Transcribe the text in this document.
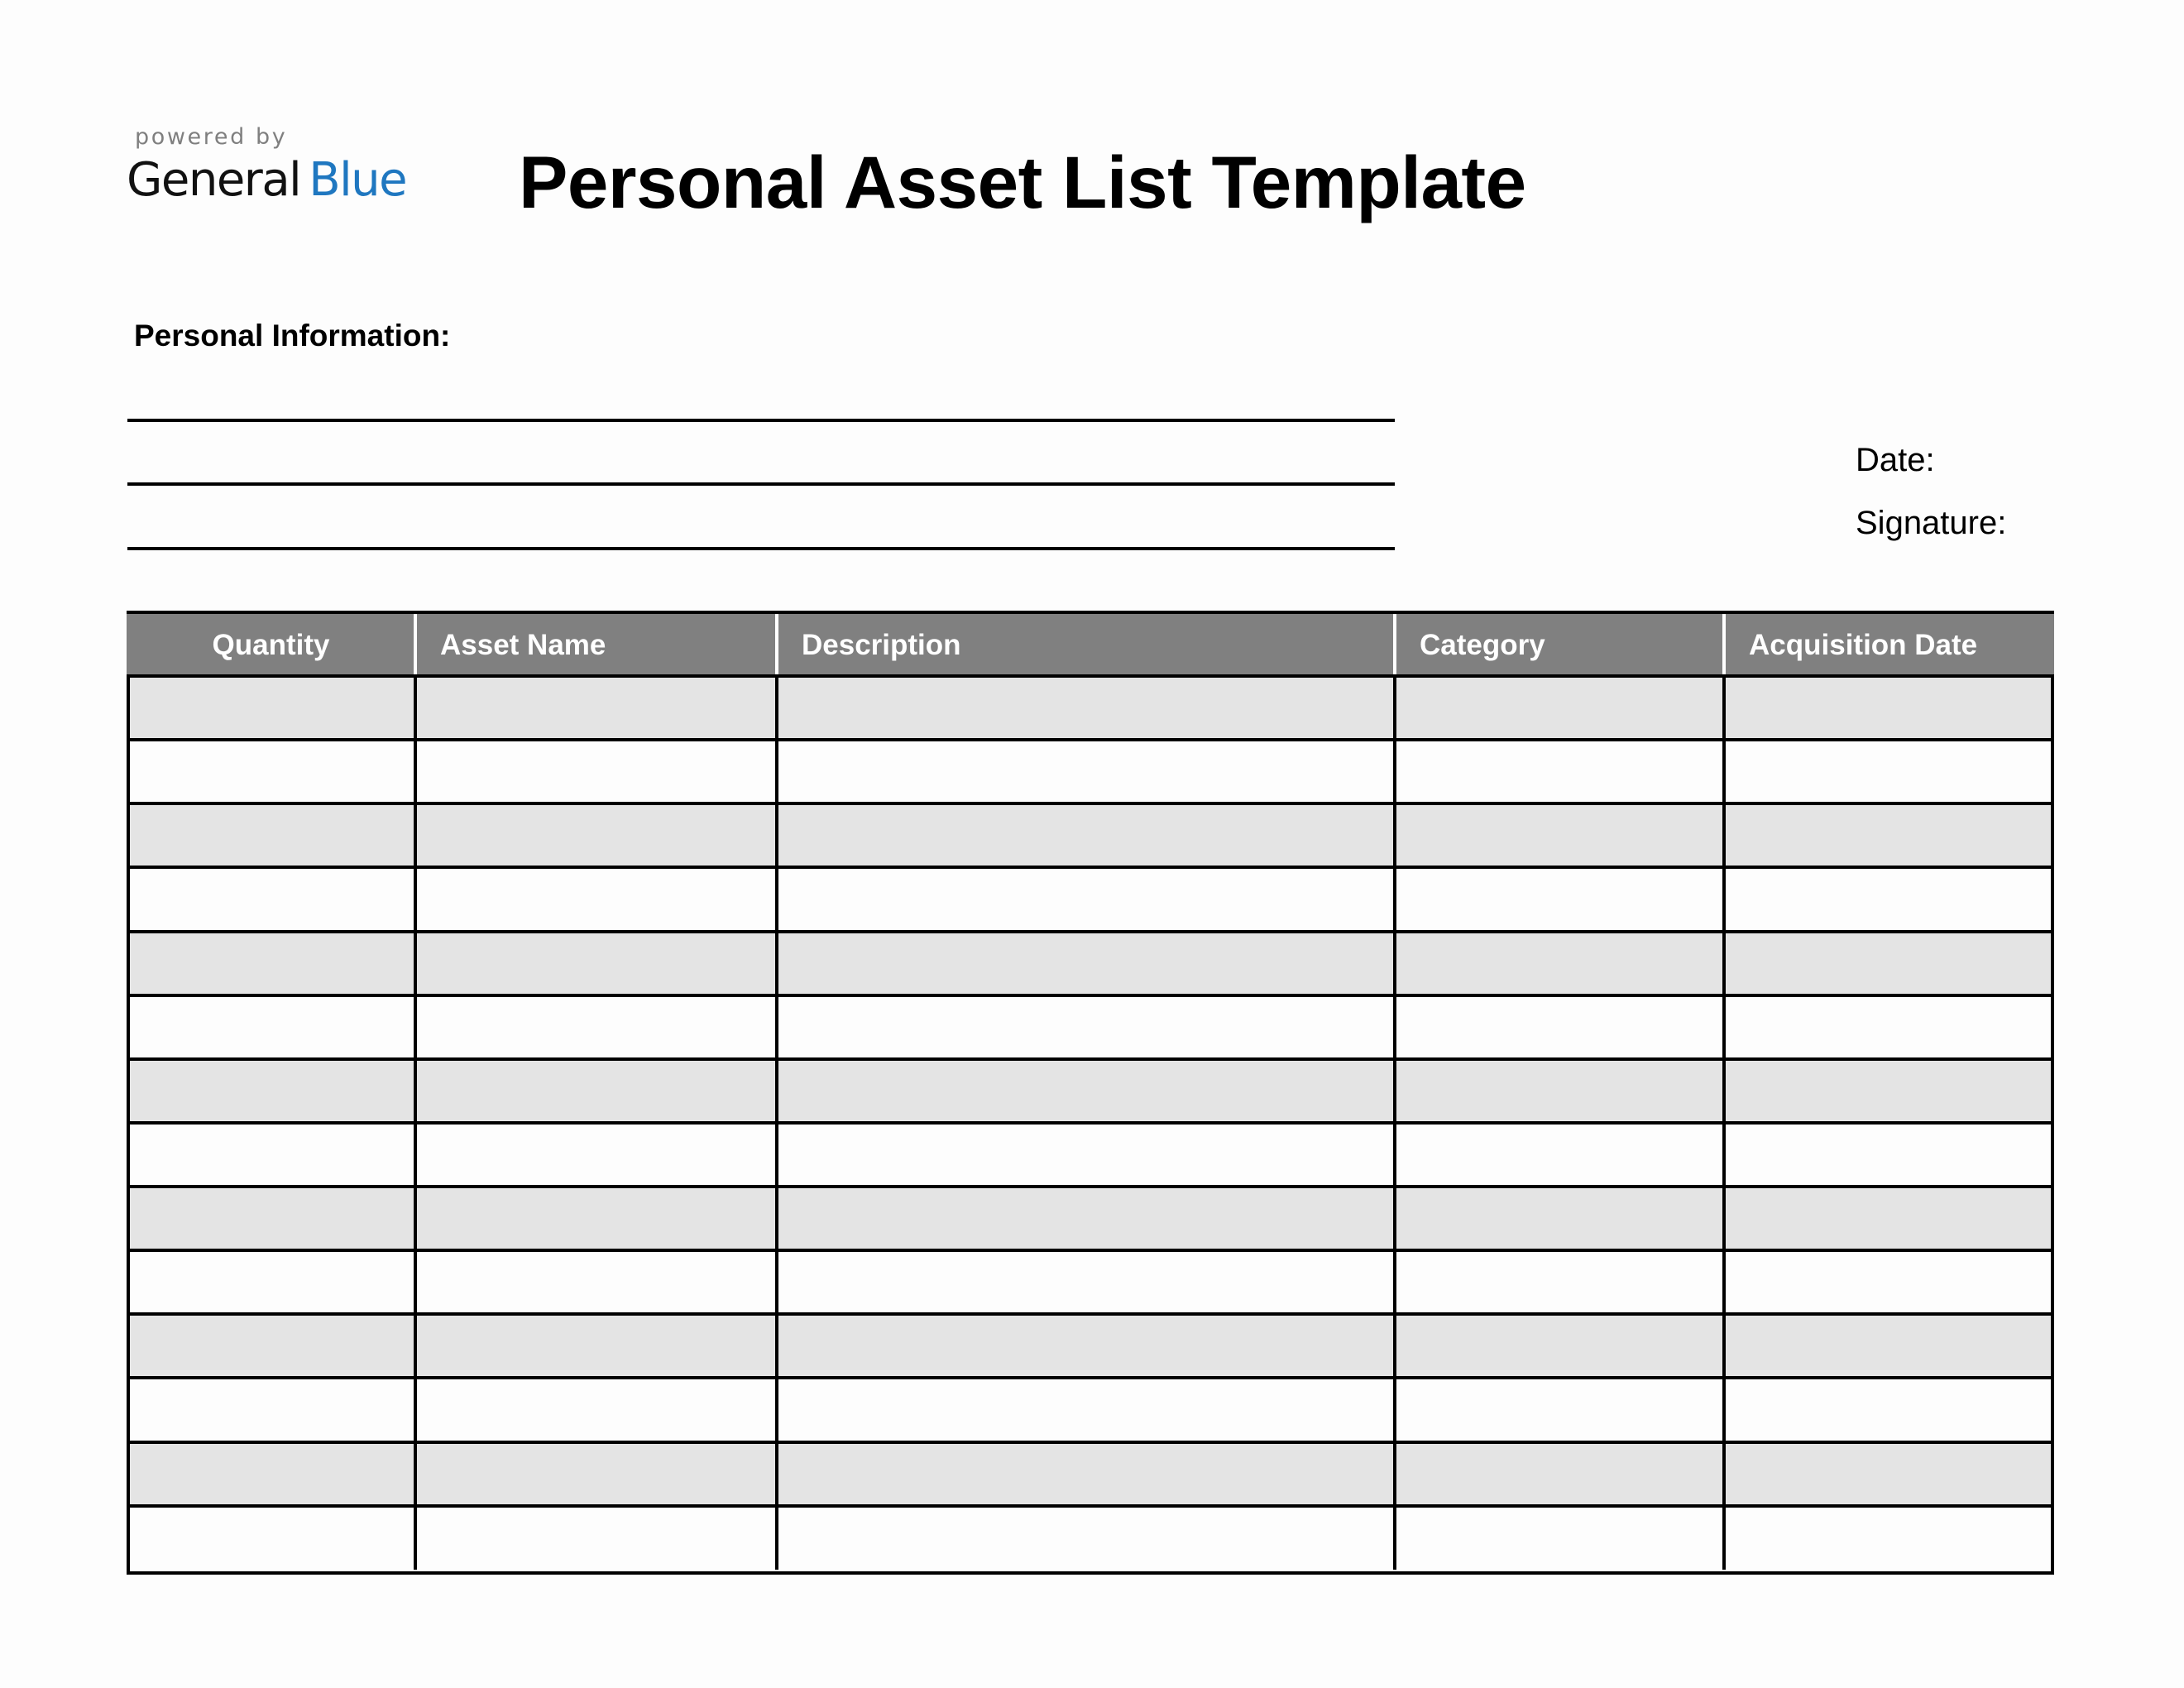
powered by
General Blue Personal Asset List Template
Personal Information:
Date:
Signature:
Quantity	Asset Name	Description	Category	Acquisition Date
